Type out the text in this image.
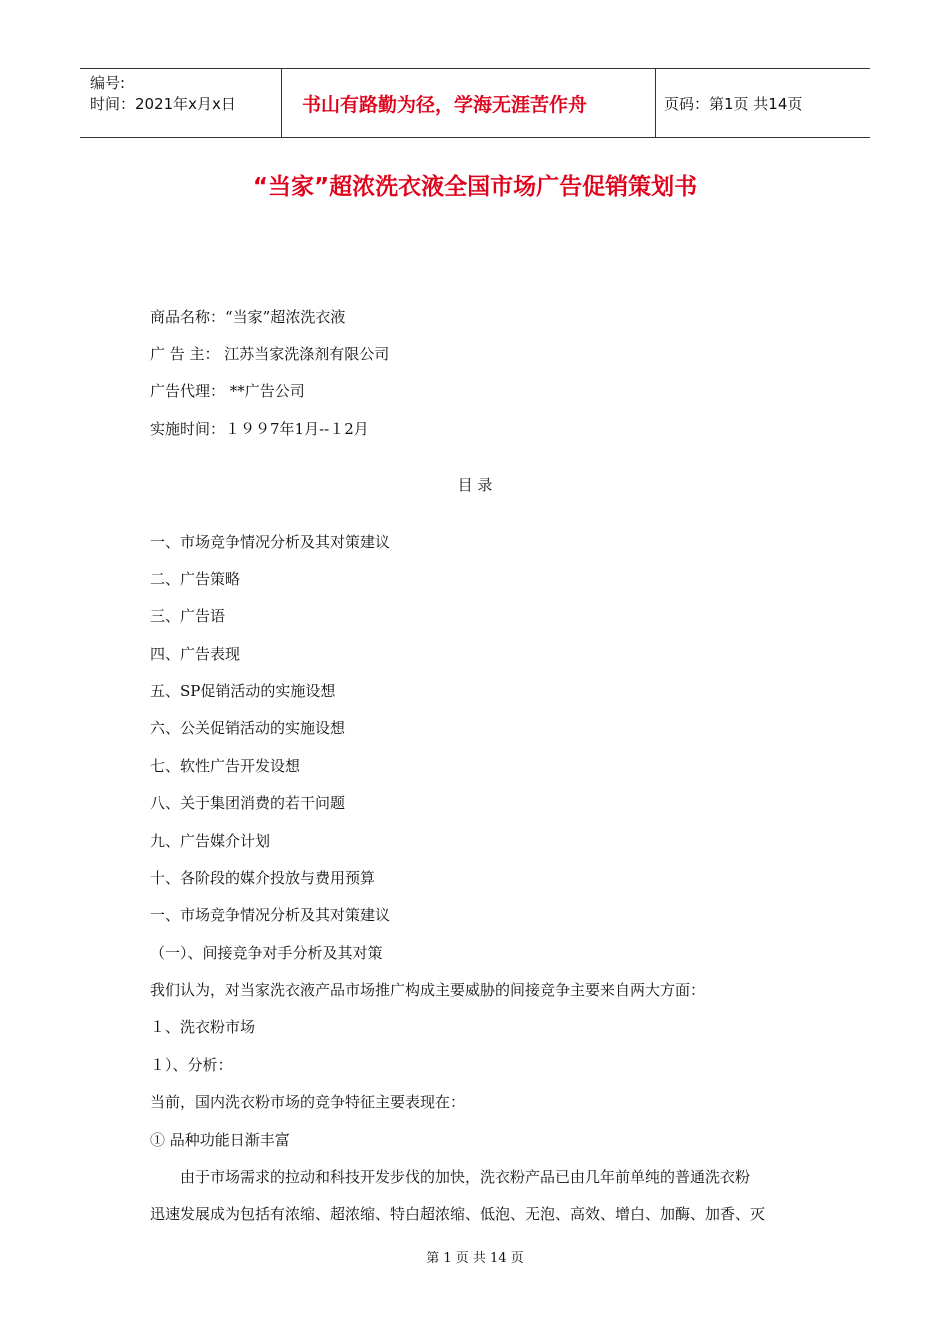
编号:
时间：2021年x月x日	书山有路勤为径，学海无涯苦作舟	页码：第1页 共14页
“当家”超浓洗衣液全国市场广告促销策划书
商品名称：“当家”超浓洗衣液
广 告 主： 江苏当家洗涤剂有限公司
广告代理： **广告公司
实施时间：１９９7年1月--１2月
目 录
一、市场竞争情况分析及其对策建议
二、广告策略
三、广告语
四、广告表现
五、SP促销活动的实施设想
六、公关促销活动的实施设想
七、软性广告开发设想
八、关于集团消费的若干问题
九、广告媒介计划
十、各阶段的媒介投放与费用预算
一、市场竞争情况分析及其对策建议
（一）、间接竞争对手分析及其对策
我们认为，对当家洗衣液产品市场推广构成主要威胁的间接竞争主要来自两大方面：
１、洗衣粉市场
１）、分析：
当前，国内洗衣粉市场的竞争特征主要表现在：
① 品种功能日渐丰富
由于市场需求的拉动和科技开发步伐的加快，洗衣粉产品已由几年前单纯的普通洗衣粉
迅速发展成为包括有浓缩、超浓缩、特白超浓缩、低泡、无泡、高效、增白、加酶、加香、灭
第 1 页 共 14 页
